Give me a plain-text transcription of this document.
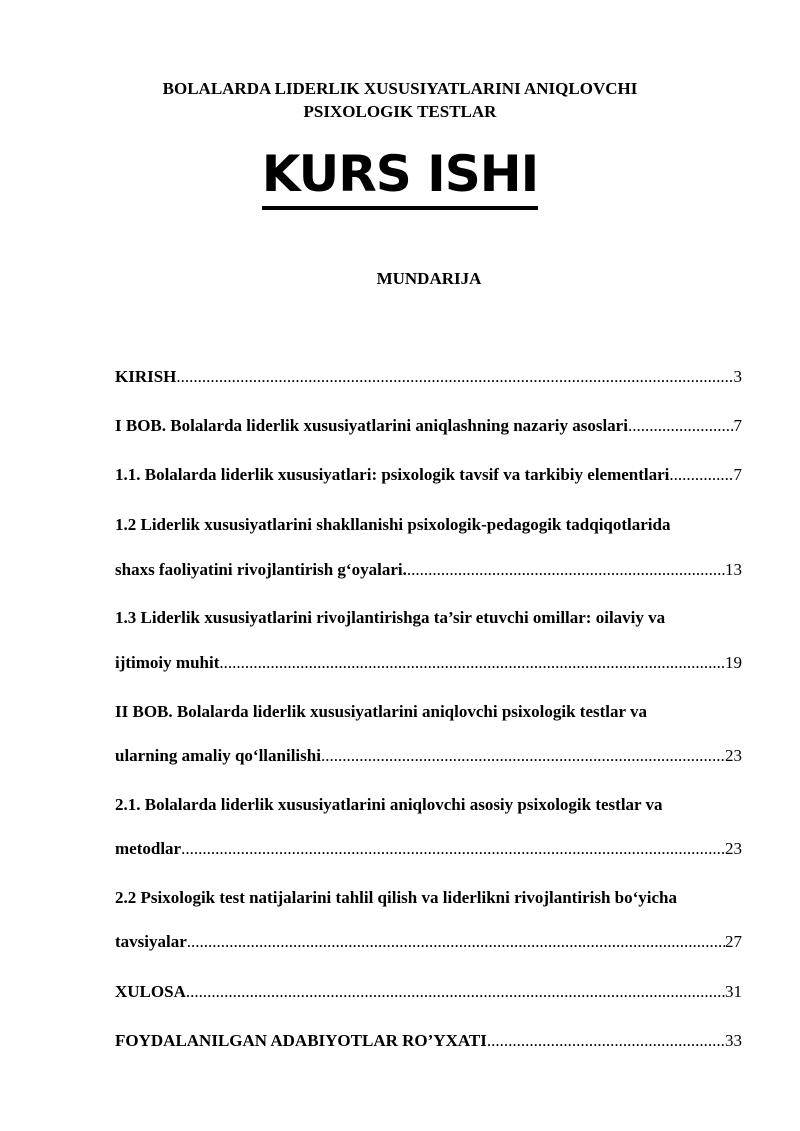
BOLALARDA LIDERLIK XUSUSIYATLARINI ANIQLOVCHI
PSIXOLOGIK TESTLAR
KURS ISHI
MUNDARIJA
KIRISH .....	3
I BOB. Bolalarda liderlik xususiyatlarini aniqlashning nazariy asoslari .....	7
1.1. Bolalarda liderlik xususiyatlari: psixologik tavsif va tarkibiy elementlari .....	7
1.2 Liderlik xususiyatlarini shakllanishi psixologik-pedagogik tadqiqotlarida
shaxs faoliyatini rivojlantirish g‘oyalari. .....	13
1.3 Liderlik xususiyatlarini rivojlantirishga ta’sir etuvchi omillar: oilaviy va
ijtimoiy muhit .....	19
II BOB. Bolalarda liderlik xususiyatlarini aniqlovchi psixologik testlar va
ularning amaliy qo‘llanilishi .....	23
2.1. Bolalarda liderlik xususiyatlarini aniqlovchi asosiy psixologik testlar va
metodlar .....	23
2.2 Psixologik test natijalarini tahlil qilish va liderlikni rivojlantirish bo‘yicha
tavsiyalar .....	27
XULOSA .....	31
FOYDALANILGAN ADABIYOTLAR RO’YXATI .....	33
